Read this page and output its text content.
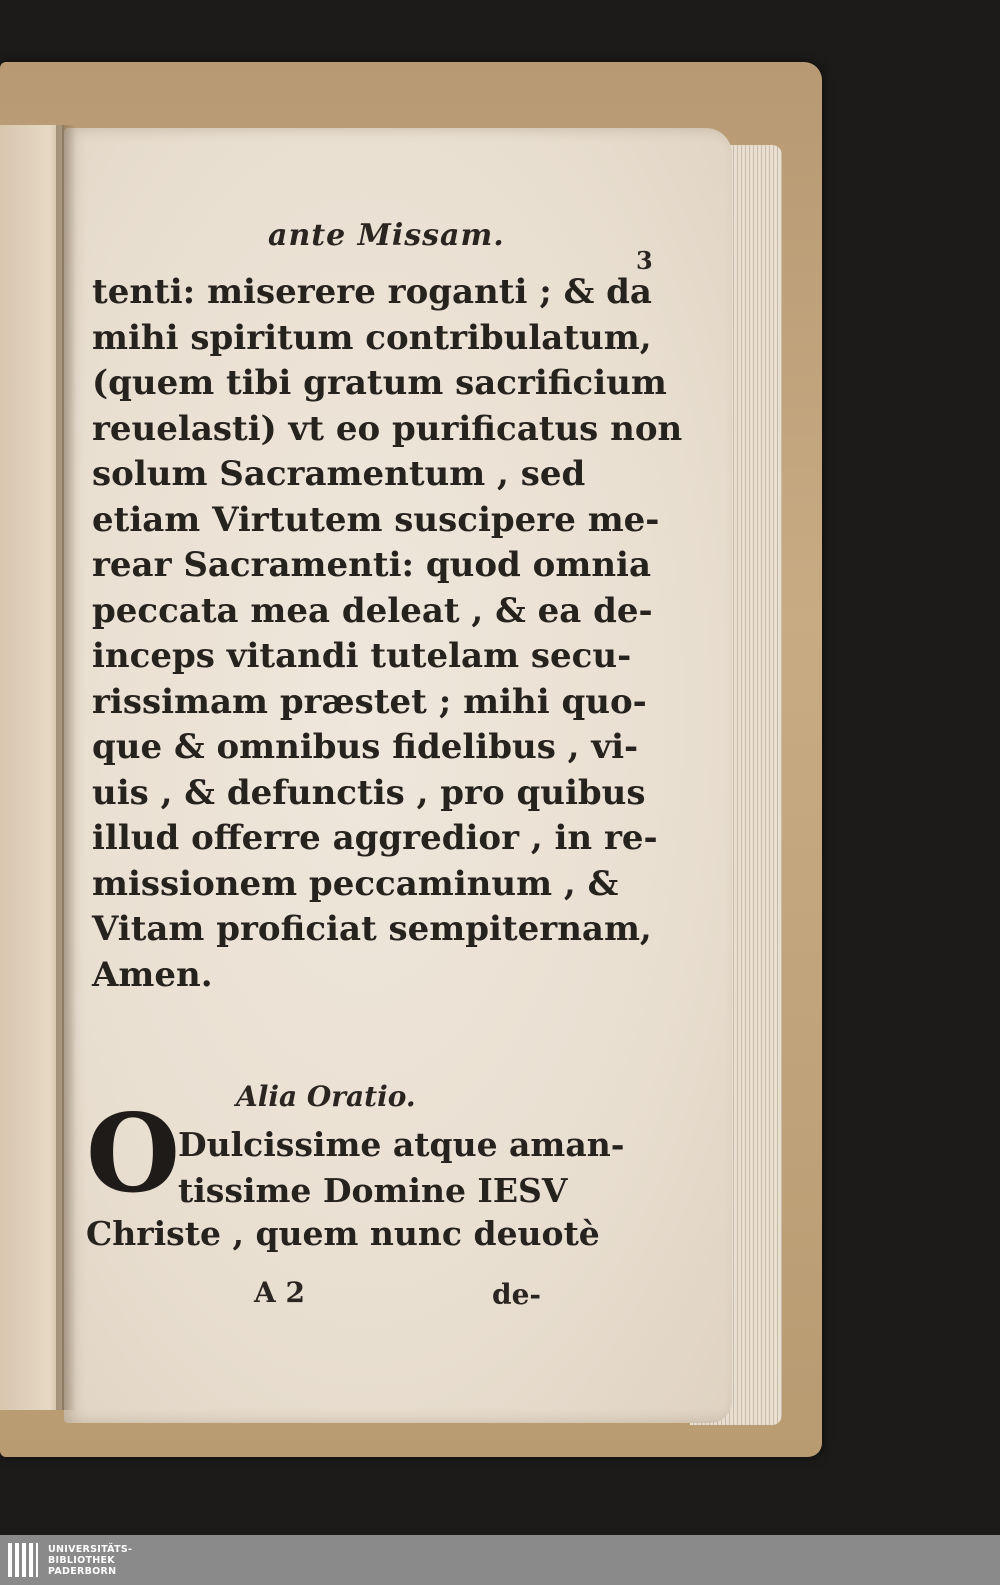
ante Missam.
3

tenti: miserere roganti ; & da
mihi spiritum contribulatum,
(quem tibi gratum sacrificium
reuelasti) vt eo purificatus non
solum Sacramentum , sed
etiam Virtutem suscipere me-
rear Sacramenti: quod omnia
peccata mea deleat , & ea de-
inceps vitandi tutelam secu-
rissimam præstet ; mihi quo-
que & omnibus fidelibus , vi-
uis , & defunctis , pro quibus
illud offerre aggredior , in re-
missionem peccaminum , &
Vitam proficiat sempiternam,
Amen.

Alia Oratio.
O

Dulcissime atque aman-
tissime Domine IESV

Christe , quem nunc deuotè

A 2	de-
UNIVERSITÄTS-
BIBLIOTHEK
PADERBORN
